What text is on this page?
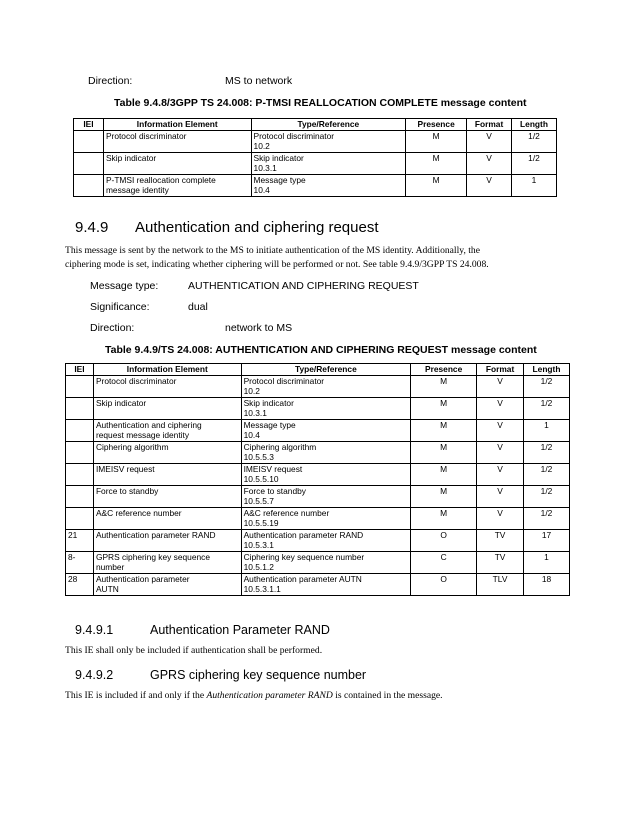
Direction:	MS to network
Table 9.4.8/3GPP TS 24.008: P-TMSI REALLOCATION COMPLETE message content
IEI	Information Element	Type/Reference	Presence	Format	Length

	Protocol discriminator	Protocol discriminator
10.2	M	V	1/2

	Skip indicator	Skip indicator
10.3.1	M	V	1/2

	P-TMSI reallocation complete
message identity	Message type
10.4	M	V	1
9.4.9 Authentication and ciphering request
This message is sent by the network to the MS to initiate authentication of the MS identity. Additionally, the
ciphering mode is set, indicating whether ciphering will be performed or not. See table 9.4.9/3GPP TS 24.008.
Message type:	AUTHENTICATION AND CIPHERING REQUEST
Significance:	dual
Direction:	network to MS
Table 9.4.9/TS 24.008: AUTHENTICATION AND CIPHERING REQUEST message content
IEI	Information Element	Type/Reference	Presence	Format	Length

	Protocol discriminator	Protocol discriminator
10.2	M	V	1/2

	Skip indicator	Skip indicator
10.3.1	M	V	1/2

	Authentication and ciphering
request message identity	Message type
10.4	M	V	1

	Ciphering algorithm	Ciphering algorithm
10.5.5.3	M	V	1/2

	IMEISV request	IMEISV request
10.5.5.10	M	V	1/2

	Force to standby	Force to standby
10.5.5.7	M	V	1/2

	A&C reference number	A&C reference number
10.5.5.19	M	V	1/2
21	Authentication parameter RAND	Authentication parameter RAND
10.5.3.1	O	TV	17
8-	GPRS ciphering key sequence
number	Ciphering key sequence number
10.5.1.2	C	TV	1
28	Authentication parameter
AUTN	Authentication parameter AUTN
10.5.3.1.1	O	TLV	18
9.4.9.1	Authentication Parameter RAND
This IE shall only be included if authentication shall be performed.
9.4.9.2	GPRS ciphering key sequence number
This IE is included if and only if the Authentication parameter RAND is contained in the message.
